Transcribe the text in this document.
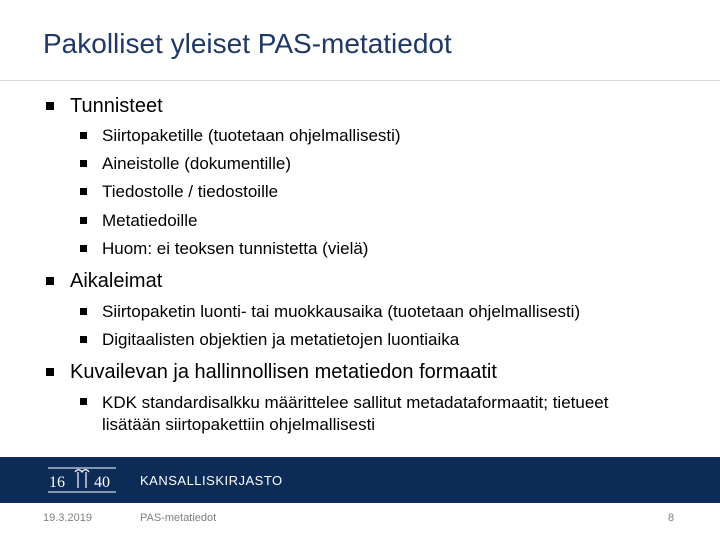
Pakolliset yleiset PAS-metatiedot
Tunnisteet
Siirtopaketille (tuotetaan ohjelmallisesti)
Aineistolle (dokumentille)
Tiedostolle / tiedostoille
Metatiedoille
Huom: ei teoksen tunnistetta (vielä)
Aikaleimat
Siirtopaketin luonti- tai muokkausaika (tuotetaan ohjelmallisesti)
Digitaalisten objektien ja metatietojen luontiaika
Kuvailevan ja hallinnollisen metatiedon formaatit
KDK standardisalkku määrittelee sallitut metadataformaatit; tietueet lisätään siirtopakettiin ohjelmallisesti
16 40 KANSALLISKIRJASTO
19.3.2019	PAS-metatiedot	8
